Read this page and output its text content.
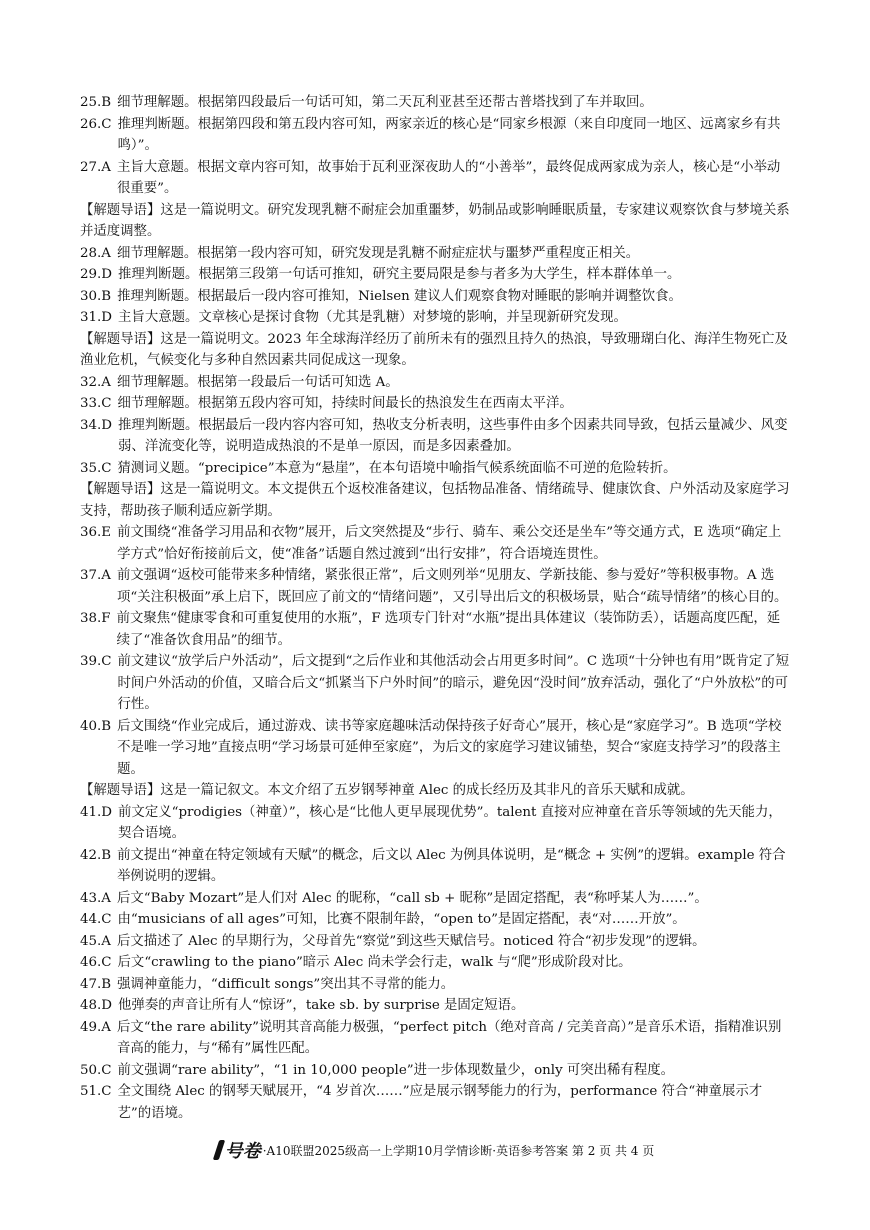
25.B 细节理解题。根据第四段最后一句话可知，第二天瓦利亚甚至还帮古普塔找到了车并取回。
26.C 推理判断题。根据第四段和第五段内容可知，两家亲近的核心是“同家乡根源（来自印度同一地区、远离家乡有共鸣）”。
27.A 主旨大意题。根据文章内容可知，故事始于瓦利亚深夜助人的“小善举”，最终促成两家成为亲人，核心是“小举动很重要”。
【解题导语】这是一篇说明文。研究发现乳糖不耐症会加重噩梦，奶制品或影响睡眠质量，专家建议观察饮食与梦境关系并适度调整。
28.A 细节理解题。根据第一段内容可知，研究发现是乳糖不耐症症状与噩梦严重程度正相关。
29.D 推理判断题。根据第三段第一句话可推知，研究主要局限是参与者多为大学生，样本群体单一。
30.B 推理判断题。根据最后一段内容可推知，Nielsen 建议人们观察食物对睡眠的影响并调整饮食。
31.D 主旨大意题。文章核心是探讨食物（尤其是乳糖）对梦境的影响，并呈现新研究发现。
【解题导语】这是一篇说明文。2023 年全球海洋经历了前所未有的强烈且持久的热浪，导致珊瑚白化、海洋生物死亡及渔业危机，气候变化与多种自然因素共同促成这一现象。
32.A 细节理解题。根据第一段最后一句话可知选 A。
33.C 细节理解题。根据第五段内容可知，持续时间最长的热浪发生在西南太平洋。
34.D 推理判断题。根据最后一段内容内容可知，热收支分析表明，这些事件由多个因素共同导致，包括云量减少、风变弱、洋流变化等，说明造成热浪的不是单一原因，而是多因素叠加。
35.C 猜测词义题。“precipice”本意为“悬崖”，在本句语境中喻指气候系统面临不可逆的危险转折。
【解题导语】这是一篇说明文。本文提供五个返校准备建议，包括物品准备、情绪疏导、健康饮食、户外活动及家庭学习支持，帮助孩子顺利适应新学期。
36.E 前文围绕“准备学习用品和衣物”展开，后文突然提及“步行、骑车、乘公交还是坐车”等交通方式，E 选项“确定上学方式”恰好衔接前后文，使“准备”话题自然过渡到“出行安排”，符合语境连贯性。
37.A 前文强调“返校可能带来多种情绪，紧张很正常”，后文则列举“见朋友、学新技能、参与爱好”等积极事物。A 选项“关注积极面”承上启下，既回应了前文的“情绪问题”，又引导出后文的积极场景，贴合“疏导情绪”的核心目的。
38.F 前文聚焦“健康零食和可重复使用的水瓶”，F 选项专门针对“水瓶”提出具体建议（装饰防丢），话题高度匹配，延续了“准备饮食用品”的细节。
39.C 前文建议“放学后户外活动”，后文提到“之后作业和其他活动会占用更多时间”。C 选项“十分钟也有用”既肯定了短时间户外活动的价值，又暗合后文“抓紧当下户外时间”的暗示，避免因“没时间”放弃活动，强化了“户外放松”的可行性。
40.B 后文围绕“作业完成后，通过游戏、读书等家庭趣味活动保持孩子好奇心”展开，核心是“家庭学习”。B 选项“学校不是唯一学习地”直接点明“学习场景可延伸至家庭”，为后文的家庭学习建议铺垫，契合“家庭支持学习”的段落主题。
【解题导语】这是一篇记叙文。本文介绍了五岁钢琴神童 Alec 的成长经历及其非凡的音乐天赋和成就。
41.D 前文定义“prodigies（神童）”，核心是“比他人更早展现优势”。talent 直接对应神童在音乐等领域的先天能力，契合语境。
42.B 前文提出“神童在特定领域有天赋”的概念，后文以 Alec 为例具体说明，是“概念 + 实例”的逻辑。example 符合举例说明的逻辑。
43.A 后文“Baby Mozart”是人们对 Alec 的昵称，“call sb + 昵称”是固定搭配，表“称呼某人为……”。
44.C 由“musicians of all ages”可知，比赛不限制年龄，“open to”是固定搭配，表“对……开放”。
45.A 后文描述了 Alec 的早期行为，父母首先“察觉”到这些天赋信号。noticed 符合“初步发现”的逻辑。
46.C 后文“crawling to the piano”暗示 Alec 尚未学会行走，walk 与“爬”形成阶段对比。
47.B 强调神童能力，“difficult songs”突出其不寻常的能力。
48.D 他弹奏的声音让所有人“惊讶”，take sb. by surprise 是固定短语。
49.A 后文“the rare ability”说明其音高能力极强，“perfect pitch（绝对音高 / 完美音高）”是音乐术语，指精准识别音高的能力，与“稀有”属性匹配。
50.C 前文强调“rare ability”，“1 in 10,000 people”进一步体现数量少，only 可突出稀有程度。
51.C 全文围绕 Alec 的钢琴天赋展开，“4 岁首次……”应是展示钢琴能力的行为，performance 符合“神童展示才艺”的语境。
号卷 ·A10联盟2025级高一上学期10月学情诊断·英语参考答案 第 2 页 共 4 页
